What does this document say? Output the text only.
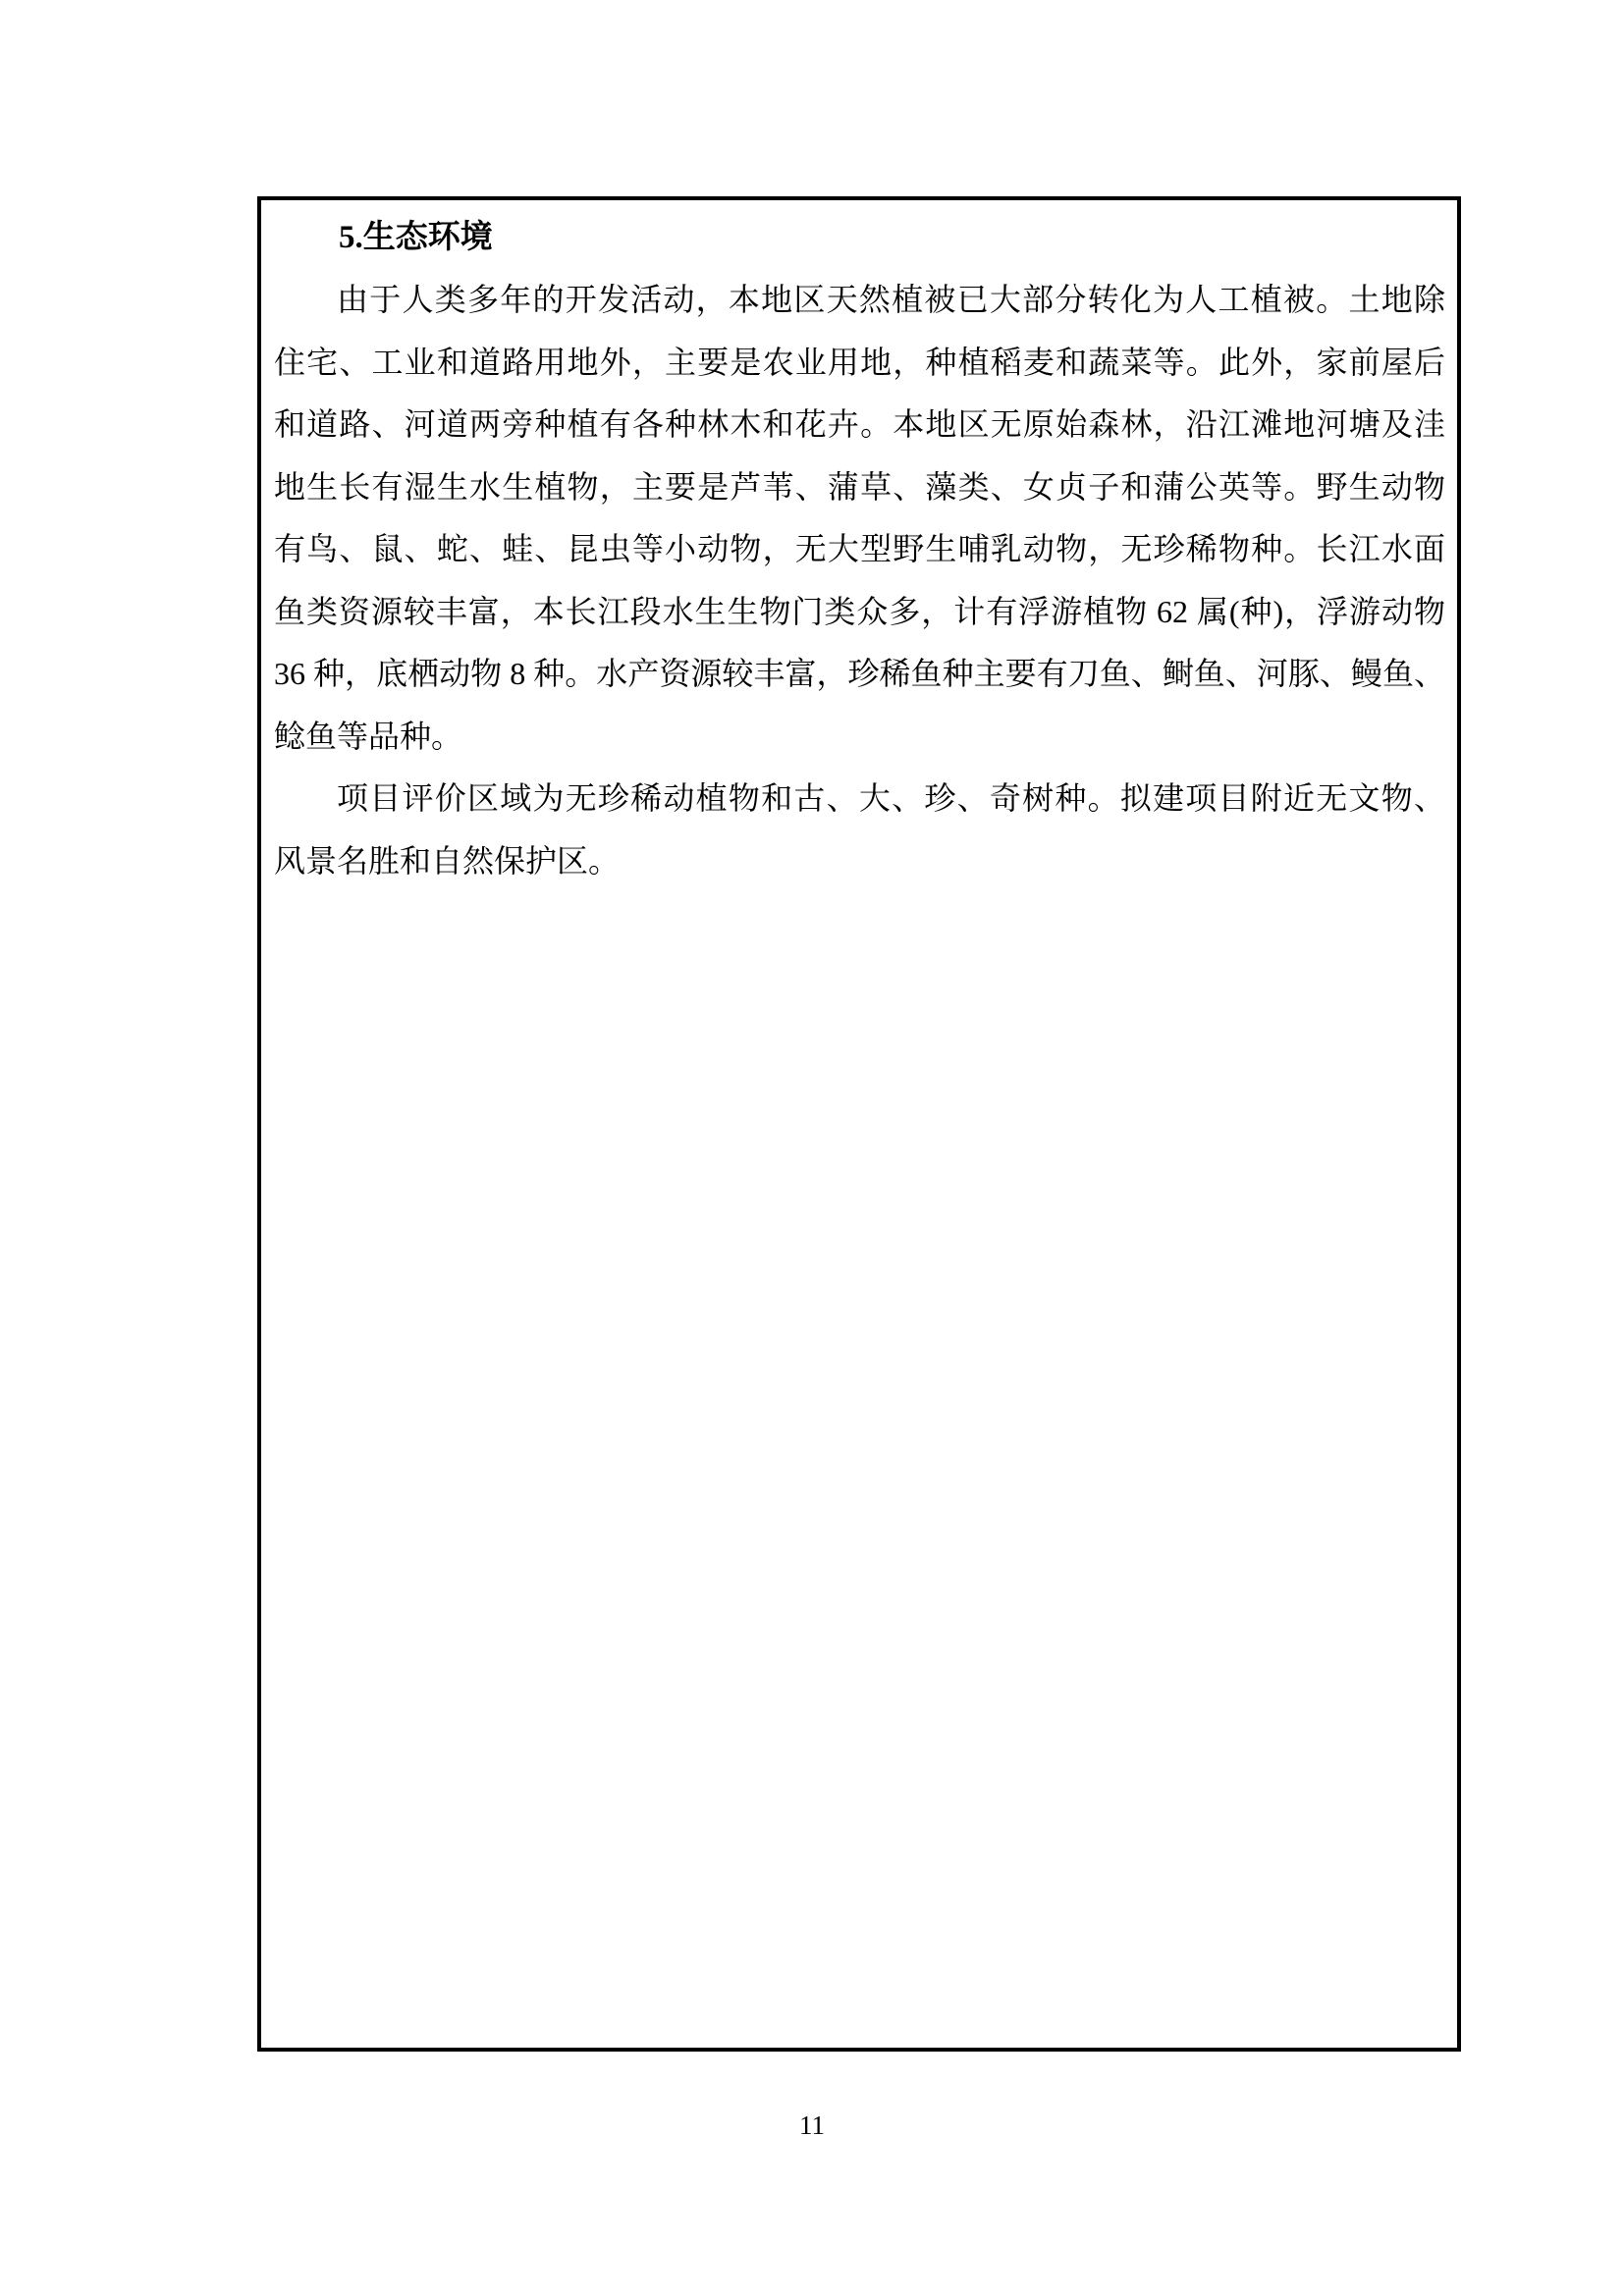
5.生态环境
由于人类多年的开发活动，本地区天然植被已大部分转化为人工植被。土地除
住宅、工业和道路用地外，主要是农业用地，种植稻麦和蔬菜等。此外，家前屋后
和道路、河道两旁种植有各种林木和花卉。本地区无原始森林，沿江滩地河塘及洼
地生长有湿生水生植物，主要是芦苇、蒲草、藻类、女贞子和蒲公英等。野生动物
有鸟、鼠、蛇、蛙、昆虫等小动物，无大型野生哺乳动物，无珍稀物种。长江水面
鱼类资源较丰富，本长江段水生生物门类众多，计有浮游植物 62 属(种)，浮游动物
36 种，底栖动物 8 种。水产资源较丰富，珍稀鱼种主要有刀鱼、鲥鱼、河豚、鳗鱼、
鲶鱼等品种。
项目评价区域为无珍稀动植物和古、大、珍、奇树种。拟建项目附近无文物、
风景名胜和自然保护区。
11
